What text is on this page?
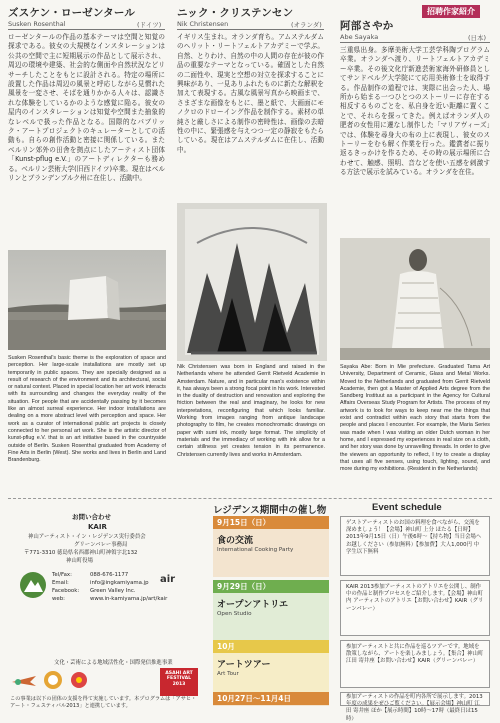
招聘作家紹介
ズスケン・ローゼンタール
Susken Rosenthal	(ドイツ)
ローゼンタールの作品の基本テーマは空間と知覚の探求である。彼女の大規模なインスタレーションは公共の空間で主に短期展示の作品として展示され、周辺の環境や建築、社会的な側面や自然状況などリサーチしたことをもとに設計される。特定の場所に設置した作品は周辺の風景と呼応しながら見慣れた風景を一変させ、そばを通りかかる人々は、認識されな体験をしているかのような感覚に陥る。彼女の屋内のインスタレーションは知覚や空間また抽象的なレベルで扱った作品となる。国際的なパブリック・アートプロジェクトのキュレーターとしての活動も。自らの創作活動と密接に関係している。またベルリン郊外の田舎を拠点にしたアーティスト団体「Kunst-pflug e.V.」のアートディレクターも務める。ベルリン芸術大学(旧西ドイツ)卒業。現在はベルリンとブランデンブルク州に在住し、活動中。
Susken Rosenthal's basic theme is the exploration of space and perception. Her large-scale installations are mostly set up temporarily in public spaces. They are specially designed as a result of research of the environment and its architectural, social or natural context. Placed in special location her art work interacts with its surrounding and changes the everyday reality of the situation. For people that are accidentally passing by it becomes like an almost surreal experience. Her indoor installations are dealing on a more abstract level with perception and space. Her work as a curator of international public art projects is closely connected to her personal art work. She is the artistic director of kunst-pflug e.V. that is an art initiative based in the countryside outside of Berlin. Susken Rosenthal graduated from Academy of Fine Arts in Berlin (West). She works and lives in Berlin and Land Brandenburg.
ニック・クリステンセン
Nik Christensen	(オランダ)
イギリス生まれ。オランダ育ち。アムステルダムのヘリット・リートフェルトアカデミーで学ぶ。自然、とりわけ、自然の中の人間の存在が彼の作品の重要なテーマとなっている。確固とした自然の二面性や、現実と空想の対立を探求することに興味があり、一見ありふれたものに新たな解釈を加えて表現する。古風な風景写真から映画まで、さまざまな画像をもとに、墨と紙で、大画面にモノクロのドローイング作品を制作する。素材の単純さと厳しさによる制作の密時性は、画像の去暗性の中に、緊張感を与えつつ一定の静寂をもたらしている。現在はアムステルダムに在住し、活動中。
Nik Christensen was born in England and raised in the Netherlands where he attended Gerrit Rietveld Academie in Amsterdam. Nature, and in particular man's existence within it, has always been a strong focal point in his work. Interested in the duality of destruction and renovation and exploring the friction between the real and imaginary, he looks for new interpretations, reconfiguring that which looks familiar. Working from images ranging from antique landscape photography to film, he creates monochromatic drawings on paper with sumi ink, mostly large format. The simplicity of materials and the immediacy of working with ink allow for a certain stillness yet creates tension in its permanence. Christensen currently lives and works in Amsterdam.
阿部さやか
Abe Sayaka	(日本)
三重県出身。多摩美術大学工芸学科陶プログラム卒業。オランダへ渡り、リートフェルトアカデミー卒業。その後文化庁新進芸術家海外研修員としてサンドベルグ大学院にて応用美術修士を取得する。作品制作の道程では、実際に出会った人、場所から始まる一つひとつのストーリーに存在する相反するものごとを、私自身を近い距離に置くことで、それらを探ってきた。例えばオランダ人の肥者の女性用に遷なし制作した「マリアヴィーズ」では、体験を尋身大の布の上に表現し、彼女のストーリーをむも解く作業を行った。鑑賞者に振り返るきっかけを作るため、その時の展示場所に合わせて、触感、照明、音などを使い五感を刺激する方法で展示を試みている。オランダを在住。
Sayaka Abe: Born in Mie prefecture. Graduated Tama Art University, Department of Ceramic, Glass and Metal Works. Moved to the Netherlands and graduated from Gerrit Rietveld Academie, then got a Master of Applied Arts degree from the Sandberg Instituut as a participant in the Agency for Cultural Affairs Overseas Study Program for Artists. The process of my artwork is to look for ways to keep near me the things that exist and contradict within each story that starts from the people and places I encounter. For example, the Maria Series was made when I was visiting an older Dutch woman in her home, and I expressed my experiences in real size on a cloth, and her story was done by unravelling threads. In order to give the viewers an opportunity to reflect, I try to create a display that uses all five senses, using touch, lighting, sound, and more during my exhibitions. (Resident in the Netherlands)
お問い合わせ
KAIR
神山アーティスト・イン・レジデンス実行委員会
グリーンバレー事務局
〒771-3310 徳島県名西郡神山町神領字北132
神山町役場
Tel/Fax:	088-676-1177
Email:	info@ingkamiyama.jp
Facebook: Green Valley Inc.
web:	www.in-kamiyama.jp/art/kair
air
文化・芸術による地域活性化・国際発信推進事業
ASAHI ART FESTIVAL 2013
この事業は以下の団体の支援を得て実施しています。本プログラムは「アサヒ・アート・フェスティバル2013」と連携しています。
レジデンス期間中の催し物	Event schedule
9月15日（日）
食の交流
International Cooking Party
ゲストアーティストのお国の料理を食べながら、交流を深めましょう！【会場】神山町 上分 ほたる【日時】2013年9月15日（日）午後6時～【持ち物】当日会場へお越しください（参加無料）【参加費】大人1,000円 中学生以下無料
9月29日（日）
オープンアトリエ
Open Studio
KAIR 2013参加アーティストのアトリエを公開し、制作中の作品と制作プロセスをご紹介します。【会場】神山町内 アーティストのアトリエ【お問い合わせ】KAIR（グリーンバレー）
10月
アートツアー
Art Tour
参加アーティストと共に作品を巡るツアーです。地域を散策しながら、アートを楽しみましょう。【集合】神山町 江田 寄井座【お問い合わせ】KAIR（グリーンバレー）
10月27日～11月4日	参加アーティストの作品を町内各所で展示します。2013年度の成果をぜひご覧ください。【展示会場】神山町 江田 寄井座 ほか【展示時間】10時～17時（最終日は15時）
